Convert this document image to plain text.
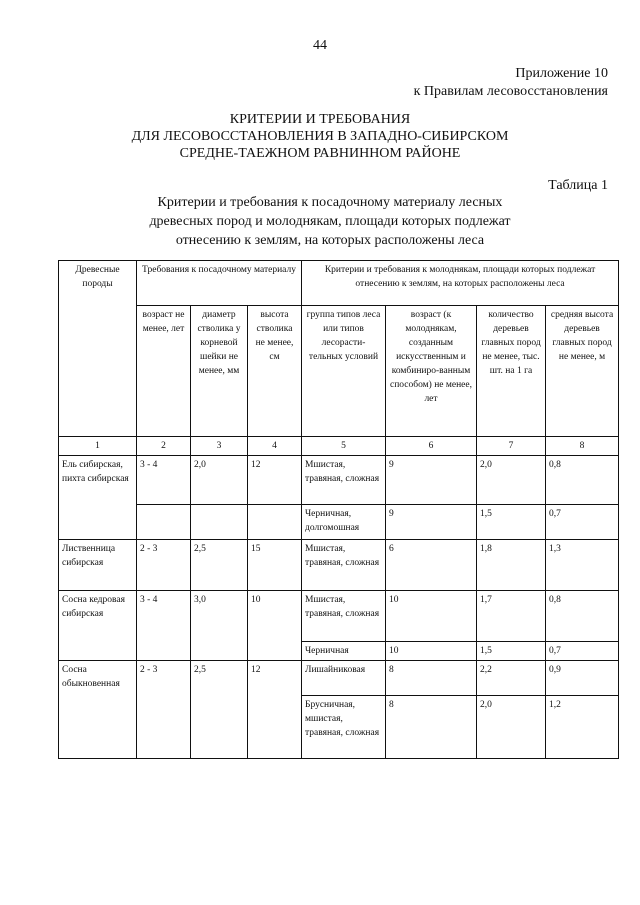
44
Приложение 10
к Правилам лесовосстановления
КРИТЕРИИ И ТРЕБОВАНИЯ
ДЛЯ ЛЕСОВОССТАНОВЛЕНИЯ В ЗАПАДНО-СИБИРСКОМ
СРЕДНЕ-ТАЕЖНОМ РАВНИННОМ РАЙОНЕ
Таблица 1
Критерии и требования к посадочному материалу лесных
древесных пород и молоднякам, площади которых подлежат
отнесению к землям, на которых расположены леса
Древесные породы	Требования к посадочному материалу			Критерии и требования к молоднякам, площади которых подлежат отнесению к землям, на которых расположены леса			
	возраст не менее, лет	диаметр стволика у корневой шейки не менее, мм	высота стволика не менее, см	группа типов леса или типов лесорасти-тельных условий	возраст (к молоднякам, созданным искусственным и комбиниро-ванным способом) не менее, лет	количество деревьев главных пород не менее, тыс. шт. на 1 га	средняя высота деревьев главных пород не менее, м
1	2	3	4	5	6	7	8
Ель сибирская, пихта сибирская	3 - 4	2,0	12	Мшистая, травяная, сложная	9	2,0	0,8
				Черничная, долгомошная	9	1,5	0,7
Лиственница сибирская	2 - 3	2,5	15	Мшистая, травяная, сложная	6	1,8	1,3
Сосна кедровая сибирская	3 - 4	3,0	10	Мшистая, травяная, сложная	10	1,7	0,8
				Черничная	10	1,5	0,7
Сосна обыкновенная	2 - 3	2,5	12	Лишайниковая	8	2,2	0,9
				Брусничная, мшистая, травяная, сложная	8	2,0	1,2
